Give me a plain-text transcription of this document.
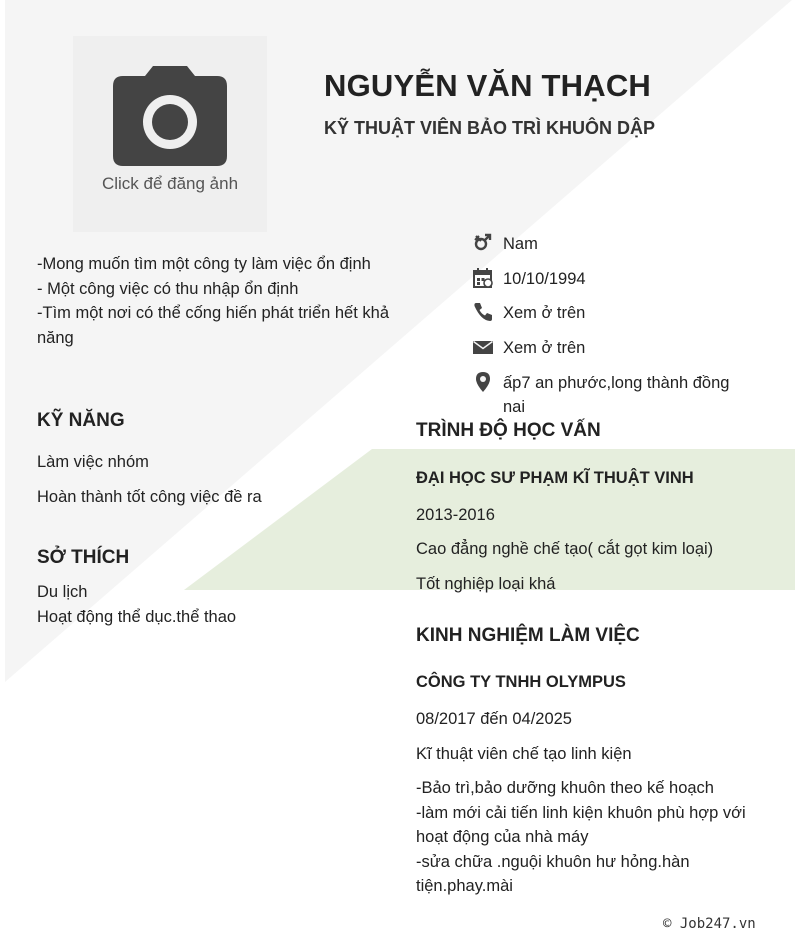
Click để đăng ảnh
NGUYỄN VĂN THẠCH
KỸ THUẬT VIÊN BẢO TRÌ KHUÔN DẬP
-Mong muốn tìm một công ty làm việc ổn định
- Một công việc có thu nhập ổn định
-Tìm một nơi có thể cống hiến phát triển hết khả năng
Nam
10/10/1994
Xem ở trên
Xem ở trên
ấp7 an phước,long thành đồng nai
KỸ NĂNG
Làm việc nhóm
Hoàn thành tốt công việc đề ra
SỞ THÍCH
Du lịch
Hoạt động thể dục.thể thao
TRÌNH ĐỘ HỌC VẤN
ĐẠI HỌC SƯ PHẠM KĨ THUẬT VINH
2013-2016
Cao đẳng nghề chế tạo( cắt gọt kim loại)
Tốt nghiệp loại khá
KINH NGHIỆM LÀM VIỆC
CÔNG TY TNHH OLYMPUS
08/2017 đến 04/2025
Kĩ thuật viên chế tạo linh kiện
-Bảo trì,bảo dưỡng khuôn theo kế hoạch
-làm mới cải tiến linh kiện khuôn phù hợp với hoạt động của nhà máy
-sửa chữa .nguội khuôn hư hỏng.hàn tiện.phay.mài
© Job247.vn
